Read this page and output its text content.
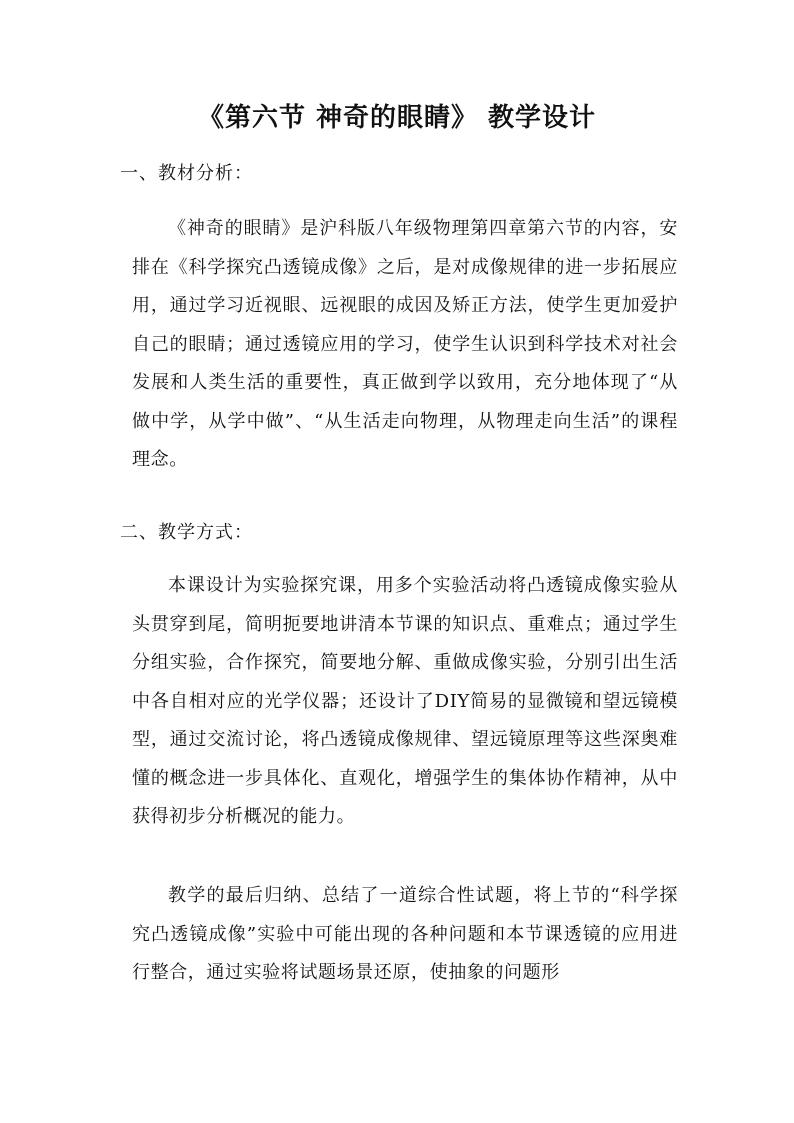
《第六节 神奇的眼睛》 教学设计
一、教材分析：
《神奇的眼睛》是沪科版八年级物理第四章第六节的内容，安排在《科学探究凸透镜成像》之后，是对成像规律的进一步拓展应用，通过学习近视眼、远视眼的成因及矫正方法，使学生更加爱护自己的眼睛；通过透镜应用的学习，使学生认识到科学技术对社会发展和人类生活的重要性，真正做到学以致用，充分地体现了“从做中学，从学中做”、“从生活走向物理，从物理走向生活”的课程理念。
二、教学方式：
本课设计为实验探究课，用多个实验活动将凸透镜成像实验从头贯穿到尾，简明扼要地讲清本节课的知识点、重难点；通过学生分组实验，合作探究，简要地分解、重做成像实验，分别引出生活中各自相对应的光学仪器；还设计了DIY简易的显微镜和望远镜模型，通过交流讨论，将凸透镜成像规律、望远镜原理等这些深奥难懂的概念进一步具体化、直观化，增强学生的集体协作精神，从中获得初步分析概况的能力。
教学的最后归纳、总结了一道综合性试题，将上节的“科学探究凸透镜成像”实验中可能出现的各种问题和本节课透镜的应用进行整合，通过实验将试题场景还原，使抽象的问题形
